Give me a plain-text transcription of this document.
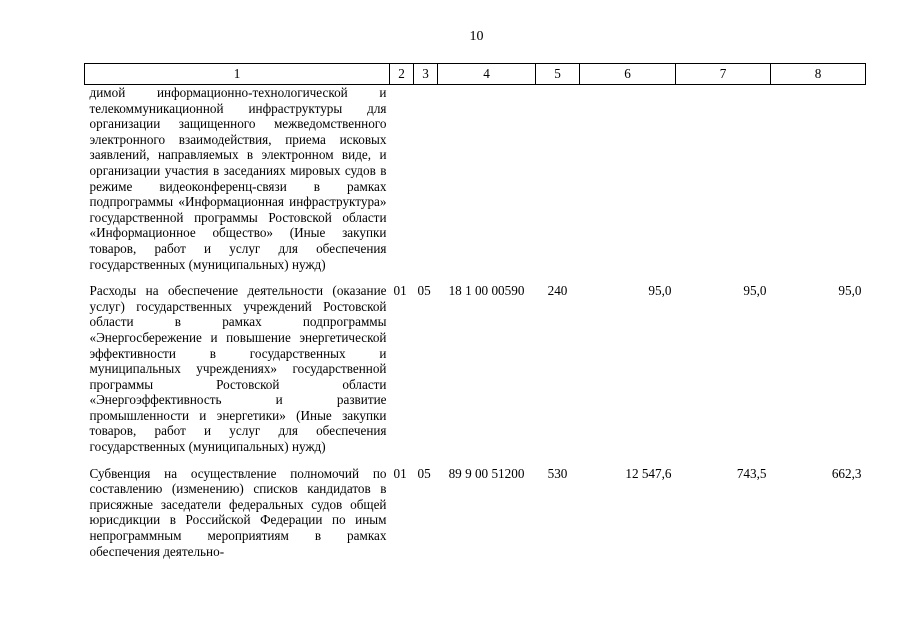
10
1	2	3	4	5	6	7	8
димой информационно-технологической и телекоммуникационной инфраструктуры для организации защищенного межведомственного электронного взаимодействия, приема исковых заявлений, направляемых в электронном виде, и организации участия в заседаниях мировых судов в режиме видеоконференц-связи в рамках подпрограммы «Информационная инфраструктура» государственной программы Ростовской области «Информационное общество» (Иные закупки товаров, работ и услуг для обеспечения государственных (муниципальных) нужд)							
Расходы на обеспечение деятельности (оказание услуг) государственных учреждений Ростовской области в рамках подпрограммы «Энергосбережение и повышение энергетической эффективности в государственных и муниципальных учреждениях» государственной программы Ростовской области «Энергоэффективность и развитие промышленности и энергетики» (Иные закупки товаров, работ и услуг для обеспечения государственных (муниципальных) нужд)	01	05	18 1 00 00590	240	95,0	95,0	95,0
Субвенция на осуществление полномочий по составлению (изменению) списков кандидатов в присяжные заседатели федеральных судов общей юрисдикции в Российской Федерации по иным непрограммным мероприятиям в рамках обеспечения деятельно-	01	05	89 9 00 51200	530	12 547,6	743,5	662,3
